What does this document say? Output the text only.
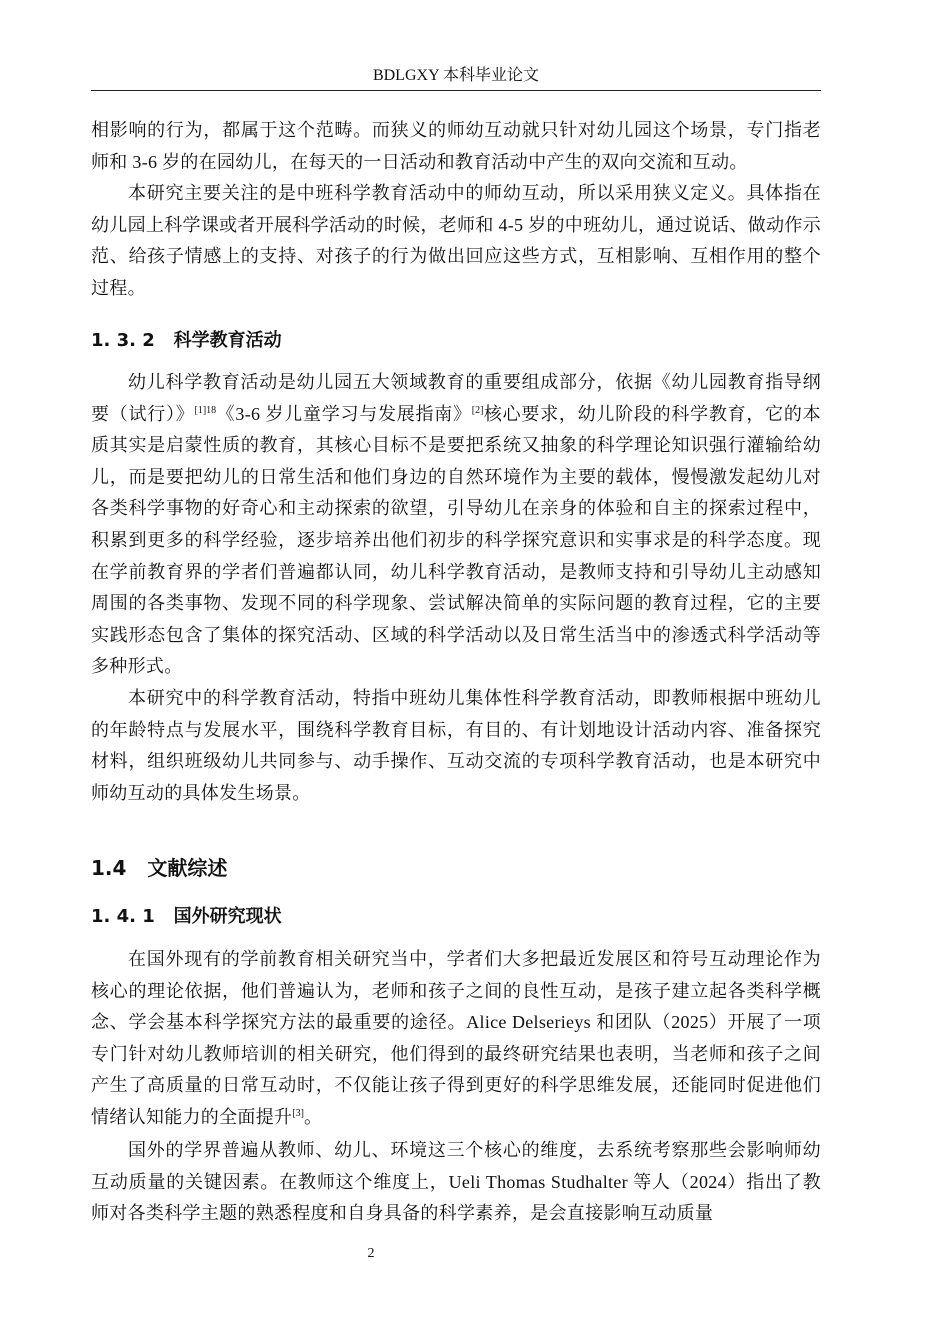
BDLGXY 本科毕业论文

相影响的行为，都属于这个范畴。而狭义的师幼互动就只针对幼儿园这个场景，专门指老师和 3-6 岁的在园幼儿，在每天的一日活动和教育活动中产生的双向交流和互动。

本研究主要关注的是中班科学教育活动中的师幼互动，所以采用狭义定义。具体指在幼儿园上科学课或者开展科学活动的时候，老师和 4-5 岁的中班幼儿，通过说话、做动作示范、给孩子情感上的支持、对孩子的行为做出回应这些方式，互相影响、互相作用的整个过程。

1. 3. 2 科学教育活动

幼儿科学教育活动是幼儿园五大领域教育的重要组成部分，依据《幼儿园教育指导纲要（试行）》$^{[1]18}$《3-6 岁儿童学习与发展指南》[2]核心要求，幼儿阶段的科学教育，它的本质其实是启蒙性质的教育，其核心目标不是要把系统又抽象的科学理论知识强行灌输给幼儿，而是要把幼儿的日常生活和他们身边的自然环境作为主要的载体，慢慢激发起幼儿对各类科学事物的好奇心和主动探索的欲望，引导幼儿在亲身的体验和自主的探索过程中，积累到更多的科学经验，逐步培养出他们初步的科学探究意识和实事求是的科学态度。现在学前教育界的学者们普遍都认同，幼儿科学教育活动，是教师支持和引导幼儿主动感知周围的各类事物、发现不同的科学现象、尝试解决简单的实际问题的教育过程，它的主要实践形态包含了集体的探究活动、区域的科学活动以及日常生活当中的渗透式科学活动等多种形式。

本研究中的科学教育活动，特指中班幼儿集体性科学教育活动，即教师根据中班幼儿的年龄特点与发展水平，围绕科学教育目标，有目的、有计划地设计活动内容、准备探究材料，组织班级幼儿共同参与、动手操作、互动交流的专项科学教育活动，也是本研究中师幼互动的具体发生场景。

1.4 文献综述
1. 4. 1 国外研究现状

在国外现有的学前教育相关研究当中，学者们大多把最近发展区和符号互动理论作为核心的理论依据，他们普遍认为，老师和孩子之间的良性互动，是孩子建立起各类科学概念、学会基本科学探究方法的最重要的途径。Alice Delserieys 和团队（2025）开展了一项专门针对幼儿教师培训的相关研究，他们得到的最终研究结果也表明，当老师和孩子之间产生了高质量的日常互动时，不仅能让孩子得到更好的科学思维发展，还能同时促进他们情绪认知能力的全面提升[3]。

国外的学界普遍从教师、幼儿、环境这三个核心的维度，去系统考察那些会影响师幼互动质量的关键因素。在教师这个维度上，Ueli Thomas Studhalter 等人（2024）指出了教师对各类科学主题的熟悉程度和自身具备的科学素养，是会直接影响互动质量

2
